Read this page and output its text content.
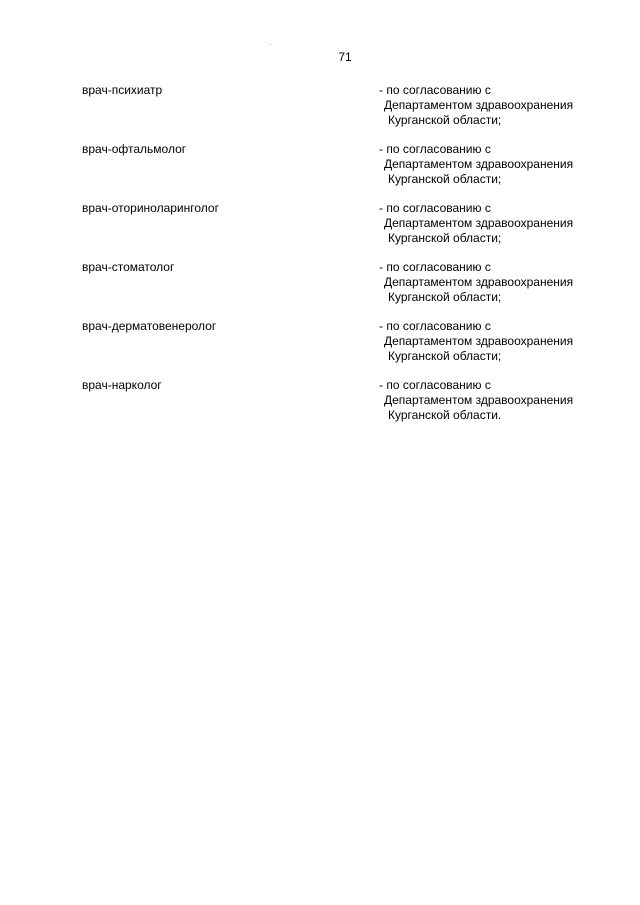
71
врач-психиатр	- по согласованию с
Департаментом здравоохранения
Курганской области;
врач-офтальмолог	- по согласованию с
Департаментом здравоохранения
Курганской области;
врач-оториноларинголог	- по согласованию с
Департаментом здравоохранения
Курганской области;
врач-стоматолог	- по согласованию с
Департаментом здравоохранения
Курганской области;
врач-дерматовенеролог	- по согласованию с
Департаментом здравоохранения
Курганской области;
врач-нарколог	- по согласованию с
Департаментом здравоохранения
Курганской области.
